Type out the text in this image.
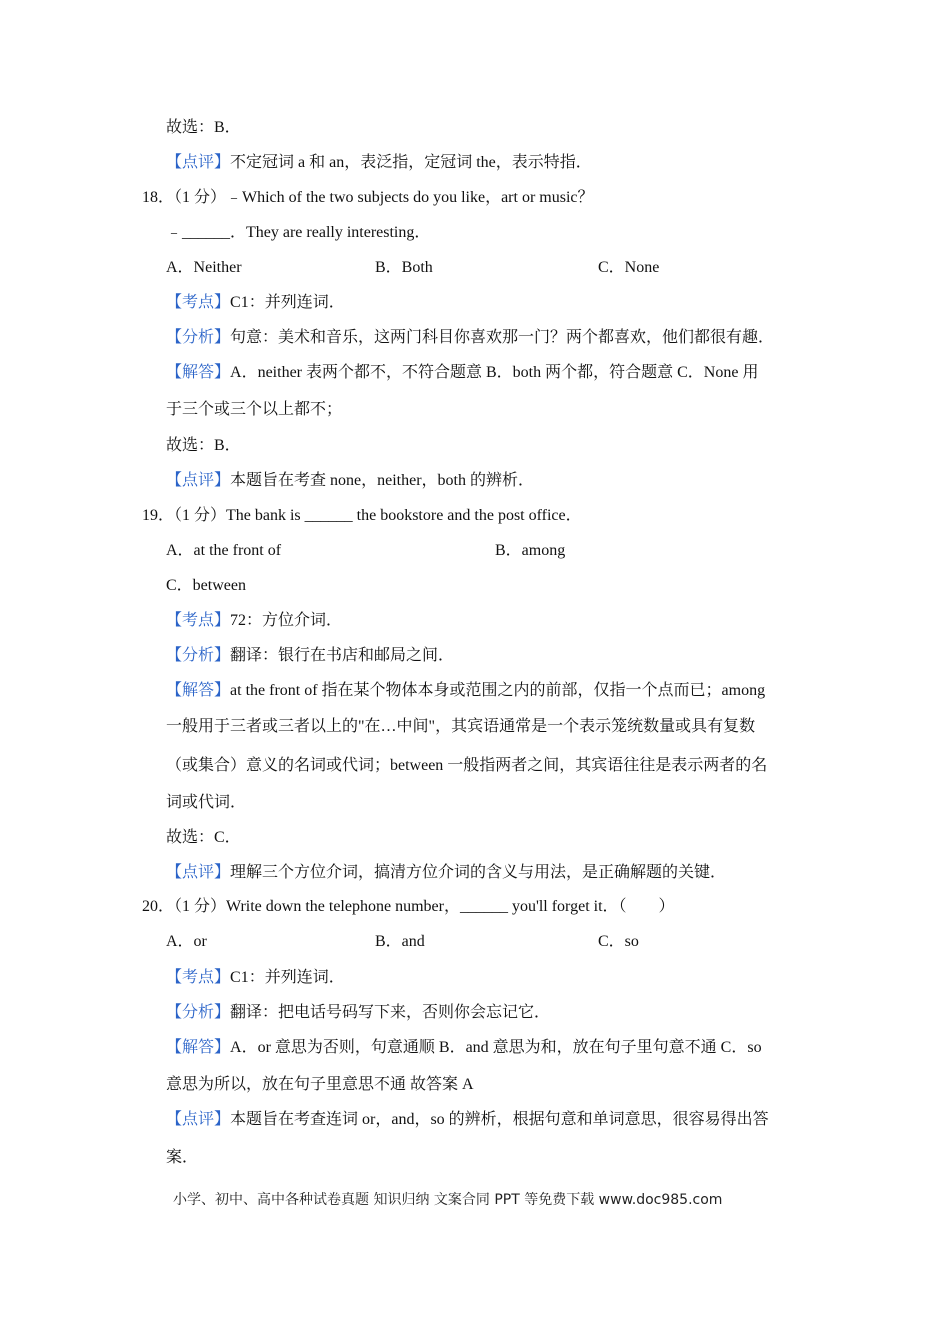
故选：B．
【点评】不定冠词 a 和 an，表泛指，定冠词 the，表示特指．
18．（1 分）﹣Which of the two subjects do you like，art or music？
﹣______．They are really interesting．
A．Neither	B．Both	C．None
【考点】C1：并列连词．
【分析】句意：美术和音乐，这两门科目你喜欢那一门？两个都喜欢，他们都很有趣．
【解答】A．neither 表两个都不，不符合题意 B．both 两个都，符合题意 C．None 用
于三个或三个以上都不；
故选：B．
【点评】本题旨在考查 none，neither，both 的辨析．
19．（1 分）The bank is ______ the bookstore and the post office．
A．at the front of	B．among
C．between
【考点】72：方位介词．
【分析】翻译：银行在书店和邮局之间．
【解答】at the front of 指在某个物体本身或范围之内的前部，仅指一个点而已；among
一般用于三者或三者以上的"在…中间"，其宾语通常是一个表示笼统数量或具有复数
（或集合）意义的名词或代词；between 一般指两者之间，其宾语往往是表示两者的名
词或代词．
故选：C．
【点评】理解三个方位介词，搞清方位介词的含义与用法，是正确解题的关键．
20．（1 分）Write down the telephone number，______ you'll forget it．（　　）
A．or	B．and	C．so
【考点】C1：并列连词．
【分析】翻译：把电话号码写下来，否则你会忘记它．
【解答】A．or 意思为否则，句意通顺 B．and 意思为和，放在句子里句意不通 C．so
意思为所以，放在句子里意思不通 故答案 A
【点评】本题旨在考查连词 or，and，so 的辨析，根据句意和单词意思，很容易得出答
案．
小学、初中、高中各种试卷真题 知识归纳 文案合同 PPT 等免费下载 www.doc985.com
